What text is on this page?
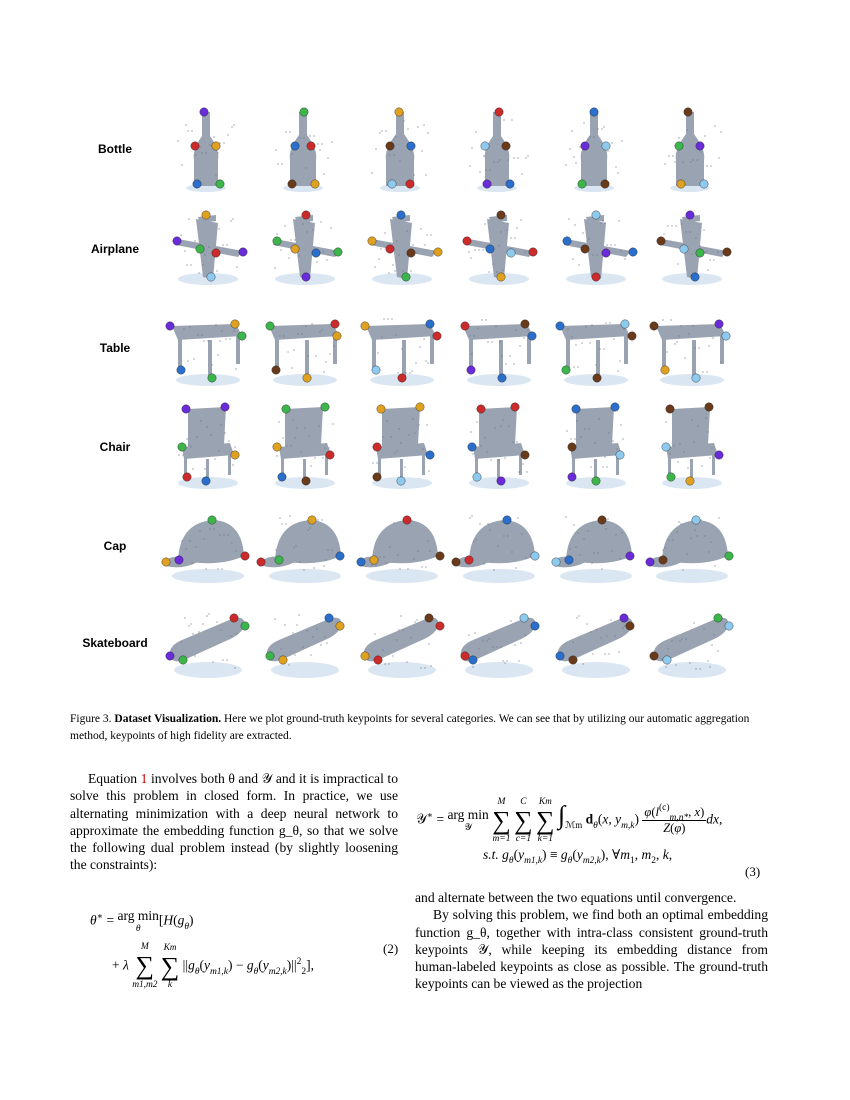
Bottle
Airplane
Table
Chair
Cap
Skateboard
Figure 3. Dataset Visualization. Here we plot ground-truth keypoints for several categories. We can see that by utilizing our automatic aggregation method, keypoints of high fidelity are extracted.

Equation 1 involves both θ and 𝒴 and it is impractical to solve this problem in closed form. In practice, we use alternating minimization with a deep neural network to approximate the embedding function g_θ, so that we solve the following dual problem instead (by slightly loosening the constraints):

θ∗ = arg min
θ
[$H(g_\theta)$
+ λ
M
∑
m1,m2

Km
∑
k
$||g_\theta(y_{m1,k}) - g_\theta(y_{m2,k})||^2_2$],
(2)
𝒴∗ = arg min
𝒴

M
∑
m=1

C
∑
c=1

Km
∑
k=1
$\int_{ℳm}$ $d_\theta(x$, $y_{m,k}) \frac{\varphi(l^{(c)}_{m,n*}, x)}{Z(\varphi)}$ dx,
s.t. $g_\theta(y_{m1,k}) \equiv g_\theta(y_{m2,k})$, $\forall m_1$, $m_2$, k,
(3)

and alternate between the two equations until convergence.

By solving this problem, we find both an optimal embedding function g_θ, together with intra-class consistent ground-truth keypoints 𝒴, while keeping its embedding distance from human-labeled keypoints as close as possible. The ground-truth keypoints can be viewed as the projection
